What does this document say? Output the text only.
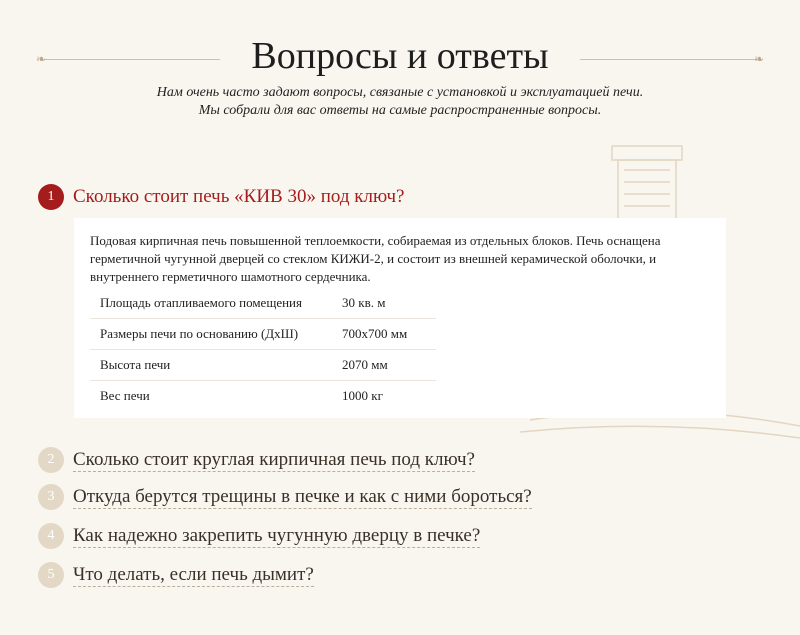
❧	Вопросы и ответы	❧
Нам очень часто задают вопросы, связаные с установкой и эксплуатацией печи.
Мы собрали для вас ответы на самые распространенные вопросы.
1 Сколько стоит печь «КИВ 30» под ключ?

Подовая кирпичная печь повышенной теплоемкости, собираемая из отдельных блоков. Печь оснащена герметичной чугунной дверцей со стеклом КИЖИ-2, и состоит из внешней керамической оболочки, и внутреннего герметичного шамотного сердечника.

Площадь отапливаемого помещения	30 кв. м
Размеры печи по основанию (ДхШ)	700х700 мм
Высота печи	2070 мм
Вес печи	1000 кг
2 Сколько стоит круглая кирпичная печь под ключ?
3 Откуда берутся трещины в печке и как с ними бороться?
4 Как надежно закрепить чугунную дверцу в печке?
5 Что делать, если печь дымит?
